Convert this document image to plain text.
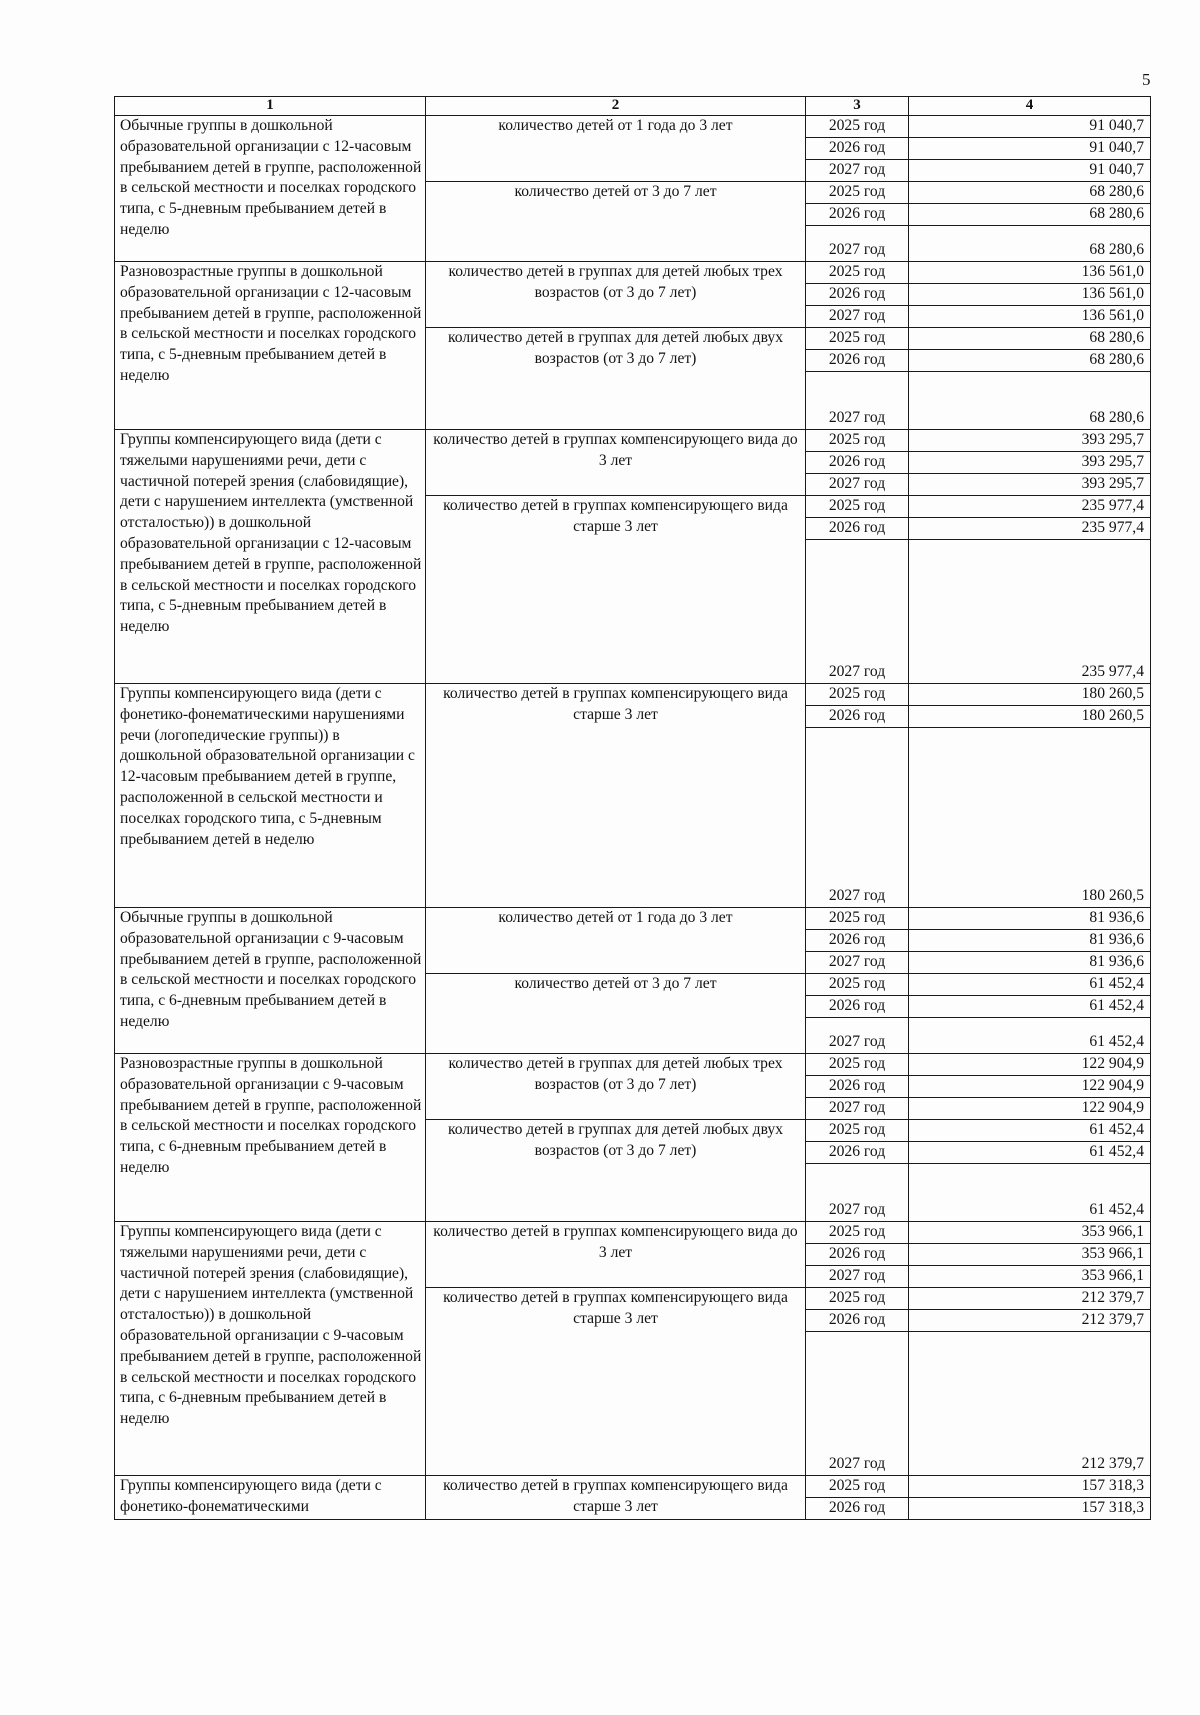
5
1	2	3	4
Обычные группы в дошкольной образовательной организации с 12-часовым пребыванием детей в группе, расположенной в сельской местности и поселках городского типа, с 5-дневным пребыванием детей в неделю	количество детей от 1 года до 3 лет	2025 год	91 040,7
		2026 год	91 040,7
		2027 год	91 040,7
	количество детей от 3 до 7 лет	2025 год	68 280,6
		2026 год	68 280,6
		2027 год	68 280,6
Разновозрастные группы в дошкольной образовательной организации с 12-часовым пребыванием детей в группе, расположенной в сельской местности и поселках городского типа, с 5-дневным пребыванием детей в неделю	количество детей в группах для детей любых трех возрастов (от 3 до 7 лет)	2025 год	136 561,0
		2026 год	136 561,0
		2027 год	136 561,0
	количество детей в группах для детей любых двух возрастов (от 3 до 7 лет)	2025 год	68 280,6
		2026 год	68 280,6
		2027 год	68 280,6
Группы компенсирующего вида (дети с тяжелыми нарушениями речи, дети с частичной потерей зрения (слабовидящие), дети с нарушением интеллекта (умственной отсталостью)) в дошкольной образовательной организации с 12-часовым пребыванием детей в группе, расположенной в сельской местности и поселках городского типа, с 5-дневным пребыванием детей в неделю	количество детей в группах компенсирующего вида до 3 лет	2025 год	393 295,7
		2026 год	393 295,7
		2027 год	393 295,7
	количество детей в группах компенсирующего вида старше 3 лет	2025 год	235 977,4
		2026 год	235 977,4
		2027 год	235 977,4
Группы компенсирующего вида (дети с фонетико-фонематическими нарушениями речи (логопедические группы)) в дошкольной образовательной организации с 12-часовым пребыванием детей в группе, расположенной в сельской местности и поселках городского типа, с 5-дневным пребыванием детей в неделю	количество детей в группах компенсирующего вида старше 3 лет	2025 год	180 260,5
		2026 год	180 260,5
		2027 год	180 260,5
Обычные группы в дошкольной образовательной организации с 9-часовым пребыванием детей в группе, расположенной в сельской местности и поселках городского типа, с 6-дневным пребыванием детей в неделю	количество детей от 1 года до 3 лет	2025 год	81 936,6
		2026 год	81 936,6
		2027 год	81 936,6
	количество детей от 3 до 7 лет	2025 год	61 452,4
		2026 год	61 452,4
		2027 год	61 452,4
Разновозрастные группы в дошкольной образовательной организации с 9-часовым пребыванием детей в группе, расположенной в сельской местности и поселках городского типа, с 6-дневным пребыванием детей в неделю	количество детей в группах для детей любых трех возрастов (от 3 до 7 лет)	2025 год	122 904,9
		2026 год	122 904,9
		2027 год	122 904,9
	количество детей в группах для детей любых двух возрастов (от 3 до 7 лет)	2025 год	61 452,4
		2026 год	61 452,4
		2027 год	61 452,4
Группы компенсирующего вида (дети с тяжелыми нарушениями речи, дети с частичной потерей зрения (слабовидящие), дети с нарушением интеллекта (умственной отсталостью)) в дошкольной образовательной организации с 9-часовым пребыванием детей в группе, расположенной в сельской местности и поселках городского типа, с 6-дневным пребыванием детей в неделю	количество детей в группах компенсирующего вида до 3 лет	2025 год	353 966,1
		2026 год	353 966,1
		2027 год	353 966,1
	количество детей в группах компенсирующего вида старше 3 лет	2025 год	212 379,7
		2026 год	212 379,7
		2027 год	212 379,7
Группы компенсирующего вида (дети с фонетико-фонематическими	количество детей в группах компенсирующего вида старше 3 лет	2025 год	157 318,3
		2026 год	157 318,3
